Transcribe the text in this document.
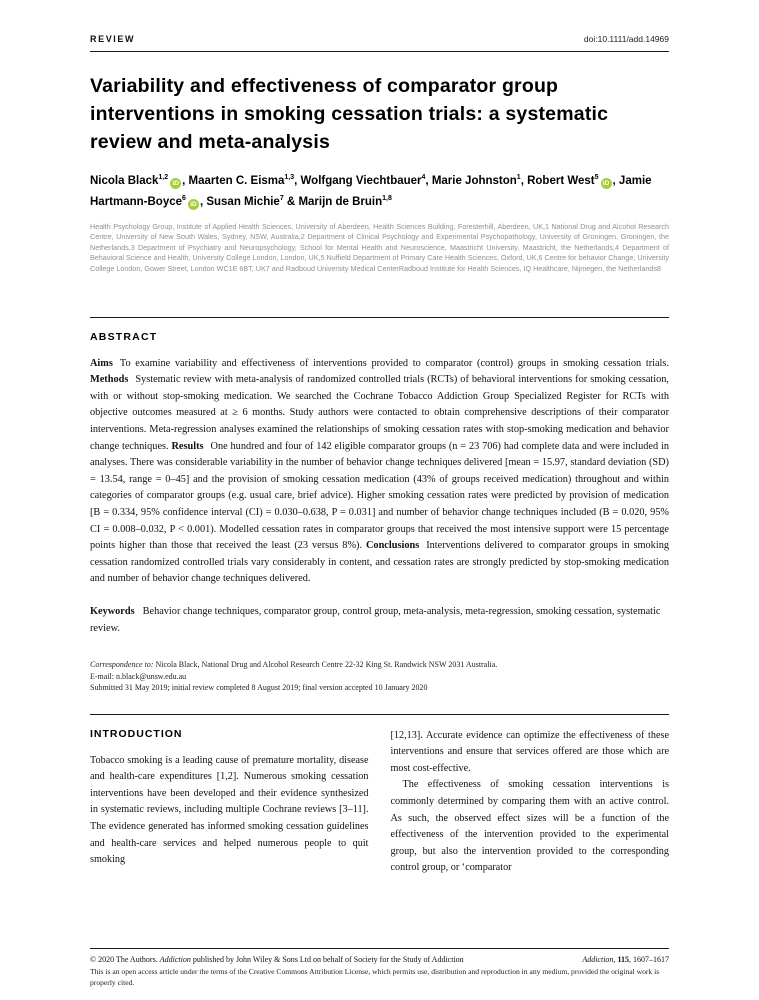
REVIEW	doi:10.1111/add.14969
Variability and effectiveness of comparator group interventions in smoking cessation trials: a systematic review and meta-analysis

Nicola Black$^{1,2}$iD , Maarten C. Eisma$^{1,3}$, Wolfgang Viechtbauer$^4$, Marie Johnston$^1$, Robert West$^5$iD , Jamie Hartmann-Boyce$^6$iD , Susan Michie$^7$ & Marijn de Bruin$^{1,8}$

Health Psychology Group, Institute of Applied Health Sciences, University of Aberdeen, Health Sciences Building, Foresterhill, Aberdeen, UK,1 National Drug and Alcohol Research Centre, University of New South Wales, Sydney, NSW, Australia,2 Department of Clinical Psychology and Experimental Psychopathology, University of Groningen, Groningen, the Netherlands,3 Department of Psychiatry and Neuropsychology, School for Mental Health and Neuroscience, Maastricht University, Maastricht, the Netherlands,4 Department of Behavioral Science and Health, University College London, London, UK,5 Nuffield Department of Primary Care Health Sciences, Oxford, UK,6 Centre for behavior Change, University College London, Gower Street, London WC1E 6BT, UK7 and Radboud University Medical CenterRadboud Institute for Health Sciences, IQ Healthcare, Nijmegen, the Netherlands8

ABSTRACT

Aims To examine variability and effectiveness of interventions provided to comparator (control) groups in smoking cessation trials. Methods Systematic review with meta-analysis of randomized controlled trials (RCTs) of behavioral interventions for smoking cessation, with or without stop-smoking medication. We searched the Cochrane Tobacco Addiction Group Specialized Register for RCTs with objective outcomes measured at ≥ 6 months. Study authors were contacted to obtain comprehensive descriptions of their comparator interventions. Meta-regression analyses examined the relationships of smoking cessation rates with stop-smoking medication and behavior change techniques. Results One hundred and four of 142 eligible comparator groups (n = 23 706) had complete data and were included in analyses. There was considerable variability in the number of behavior change techniques delivered [mean = 15.97, standard deviation (SD) = 13.54, range = 0–45] and the provision of smoking cessation medication (43% of groups received medication) throughout and within categories of comparator groups (e.g. usual care, brief advice). Higher smoking cessation rates were predicted by provision of medication [B = 0.334, 95% confidence interval (CI) = 0.030–0.638, P = 0.031] and number of behavior change techniques included (B = 0.020, 95% CI = 0.008–0.032, P < 0.001). Modelled cessation rates in comparator groups that received the most intensive support were 15 percentage points higher than those that received the least (23 versus 8%). Conclusions Interventions delivered to comparator groups in smoking cessation randomized controlled trials vary considerably in content, and cessation rates are strongly predicted by stop-smoking medication and number of behavior change techniques delivered.

Keywords Behavior change techniques, comparator group, control group, meta-analysis, meta-regression, smoking cessation, systematic review.

Correspondence to: Nicola Black, National Drug and Alcohol Research Centre 22-32 King St. Randwick NSW 2031 Australia.

E-mail: n.black@unsw.edu.au

Submitted 31 May 2019; initial review completed 8 August 2019; final version accepted 10 January 2020

INTRODUCTION

Tobacco smoking is a leading cause of premature mortality, disease and health-care expenditures [1,2]. Numerous smoking cessation interventions have been developed and their evidence synthesized in systematic reviews, including multiple Cochrane reviews [3–11]. The evidence generated has informed smoking cessation guidelines and health-care services and helped numerous people to quit smoking

[12,13]. Accurate evidence can optimize the effectiveness of these interventions and ensure that services offered are those which are most cost-effective.

The effectiveness of smoking cessation interventions is commonly determined by comparing them with an active control. As such, the observed effect sizes will be a function of the effectiveness of the intervention provided to the experimental group, but also the intervention provided to the corresponding control group, or ‘comparator

© 2020 The Authors. Addiction published by John Wiley & Sons Ltd on behalf of Society for the Study of Addiction	Addiction, 115, 1607–1617

This is an open access article under the terms of the Creative Commons Attribution License, which permits use, distribution and reproduction in any medium, provided the original work is properly cited.
